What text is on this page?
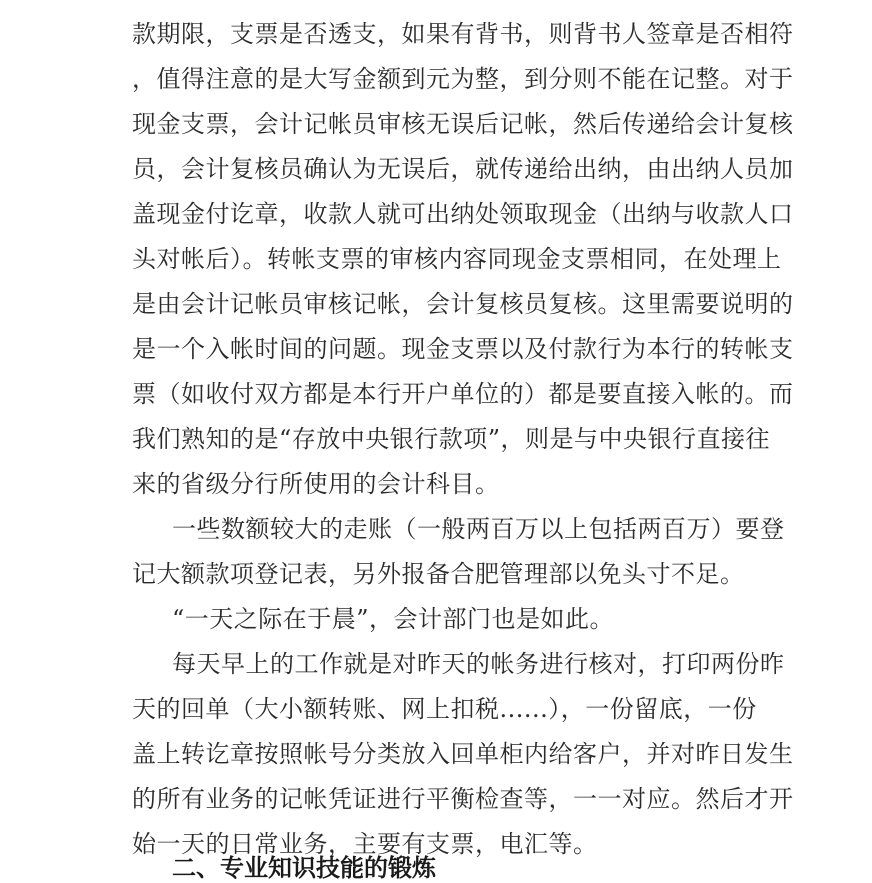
款期限，支票是否透支，如果有背书，则背书人签章是否相符
，值得注意的是大写金额到元为整，到分则不能在记整。对于
现金支票，会计记帐员审核无误后记帐，然后传递给会计复核
员，会计复核员确认为无误后，就传递给出纳，由出纳人员加
盖现金付讫章，收款人就可出纳处领取现金（出纳与收款人口
头对帐后）。转帐支票的审核内容同现金支票相同，在处理上
是由会计记帐员审核记帐，会计复核员复核。这里需要说明的
是一个入帐时间的问题。现金支票以及付款行为本行的转帐支
票（如收付双方都是本行开户单位的）都是要直接入帐的。而
我们熟知的是“存放中央银行款项”，则是与中央银行直接往
来的省级分行所使用的会计科目。
一些数额较大的走账（一般两百万以上包括两百万）要登
记大额款项登记表，另外报备合肥管理部以免头寸不足。
“一天之际在于晨”，会计部门也是如此。
每天早上的工作就是对昨天的帐务进行核对，打印两份昨
天的回单（大小额转账、网上扣税......），一份留底，一份
盖上转讫章按照帐号分类放入回单柜内给客户，并对昨日发生
的所有业务的记帐凭证进行平衡检查等，一一对应。然后才开
始一天的日常业务，主要有支票，电汇等。
二、专业知识技能的锻炼
